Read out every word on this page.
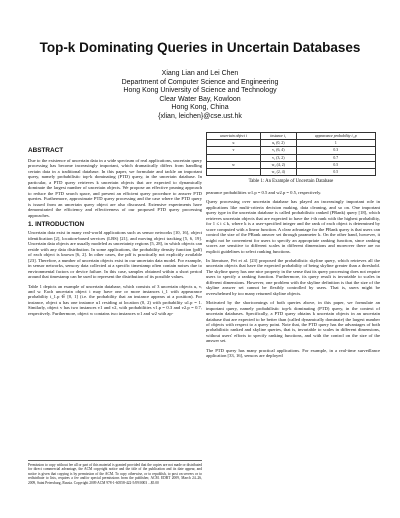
Top-k Dominating Queries in Uncertain Databases
Xiang Lian and Lei Chen
Department of Computer Science and Engineering
Hong Kong University of Science and Technology
Clear Water Bay, Kowloon
Hong Kong, China
{xlian, leichen}@cse.ust.hk
ABSTRACT

Due to the existence of uncertain data in a wide spectrum of real applications, uncertain query processing has become increasingly important, which dramatically differs from handling certain data in a traditional database. In this paper, we formulate and tackle an important query, namely probabilistic top-k dominating (PTD) query, in the uncertain database. In particular, a PTD query retrieves k uncertain objects that are expected to dynamically dominate the largest number of uncertain objects. We propose an effective pruning approach to reduce the PTD search space, and present an efficient query procedure to answer PTD queries. Furthermore, approximate PTD query processing and the case where the PTD query is issued from an uncertain query object are also discussed. Extensive experiments have demonstrated the efficiency and effectiveness of our proposed PTD query processing approaches.

1. INTRODUCTION

Uncertain data exist in many real-world applications such as sensor networks [10, 16], object identification [2], location-based services (LBS) [21], and moving object tracking [5, 6, 19]. Uncertain data objects are usually modeled as uncertainty regions [5, 28], in which objects can reside with any data distribution. In some applications, the probability density function (pdf) of each object is known [6, 2]. In other cases, the pdf is practically not explicitly available [23]. Therefore, a number of uncertain objects exist in our uncertain data model. For example, in sensor networks, sensory data collected at a specific timestamp often contain noises due to environmental factors or device failure. In this case, samples obtained within a short period around that timestamp can be used to represent the distribution of its possible values.

Table 1 depicts an example of uncertain database, which consists of 3 uncertain objects u, v, and w. Each uncertain object i may have one or more instances i_1 with appearance probability i_1.p ∈ [0, 1] (i.e. the probability that an instance appears at a position). For instance, object u has one instance u1 residing at location (0, 2) with probability u1.p = 1. Similarly, object v has two instances v1 and v2, with probabilities v1.p = 0.3 and v2.p = 0.7, respectively. Furthermore, object w contains two instances w1 and w2 with ap-

Permission to copy without fee all or part of this material is granted provided that the copies are not made or distributed for direct commercial advantage, the ACM copyright notice and the title of the publication and its date appear, and notice is given that copying is by permission of the ACM. To copy otherwise, or to republish, to post on servers or to redistribute to lists, requires a fee and/or special permissions from the publisher, ACM. EDBT 2009, March 24–26, 2009, Saint Petersburg, Russia. Copyright 2009 ACM 978-1-60558-422-5/09/0003 ...$5.00
uncertain object i	instance i₁	appearance probability i₁.p
u	u₁ (0, 2)	1
v	v₁ (6, 4)	0.3
	v₂ (3, 2)	0.7
w	w₁ (4, 2)	0.5
	w₂ (2, 4)	0.5
Table 1: An Example of Uncertain Database

pearance probabilities w1.p = 0.5 and w2.p = 0.5, respectively.

Query processing over uncertain database has played an increasingly important role in applications like multi-criteria decision making, data cleaning, and so on. One important query type in the uncertain database is called probabilistic ranked (PRank) query [18], which retrieves uncertain objects that are expected to have the i-th rank with the highest probability, for 1 ≤ i ≤ k, where k is a user-specified integer and the rank of each object is determined by score computed with a linear function. A clear advantage for the PRank query is that users can control the size of the PRank answer set through parameter k. On the other hand, however, it might not be convenient for users to specify an appropriate ranking function, since ranking scores are sensitive to different scales in different dimensions and moreover there are no explicit guidelines to select ranking functions.

In literature, Pei et al. [23] proposed the probabilistic skyline query, which retrieves all the uncertain objects that have the expected probability of being skyline greater than a threshold. The skyline query has one nice property in the sense that its query processing does not require users to specify a ranking function. Furthermore, its query result is invariable to scales in different dimensions. However, one problem with the skyline definition is that the size of the skyline answer set cannot be flexibly controlled by users. That is, users might be overwhelmed by too many returned skyline objects.

Motivated by the shortcomings of both queries above, in this paper, we formulate an important query, namely probabilistic top-k dominating (PTD) query, in the context of uncertain databases. Specifically, a PTD query obtains k uncertain objects in an uncertain database that are expected to be better than (called dynamically dominate) the largest number of objects with respect to a query point. Note that, the PTD query has the advantages of both probabilistic ranked and skyline queries, that is, invariable to scales in different dimensions, without users' efforts to specify ranking functions, and with the control on the size of the answer set.

The PTD query has many practical applications. For example, in a real-time surveillance application [33, 16], sensors are deployed
